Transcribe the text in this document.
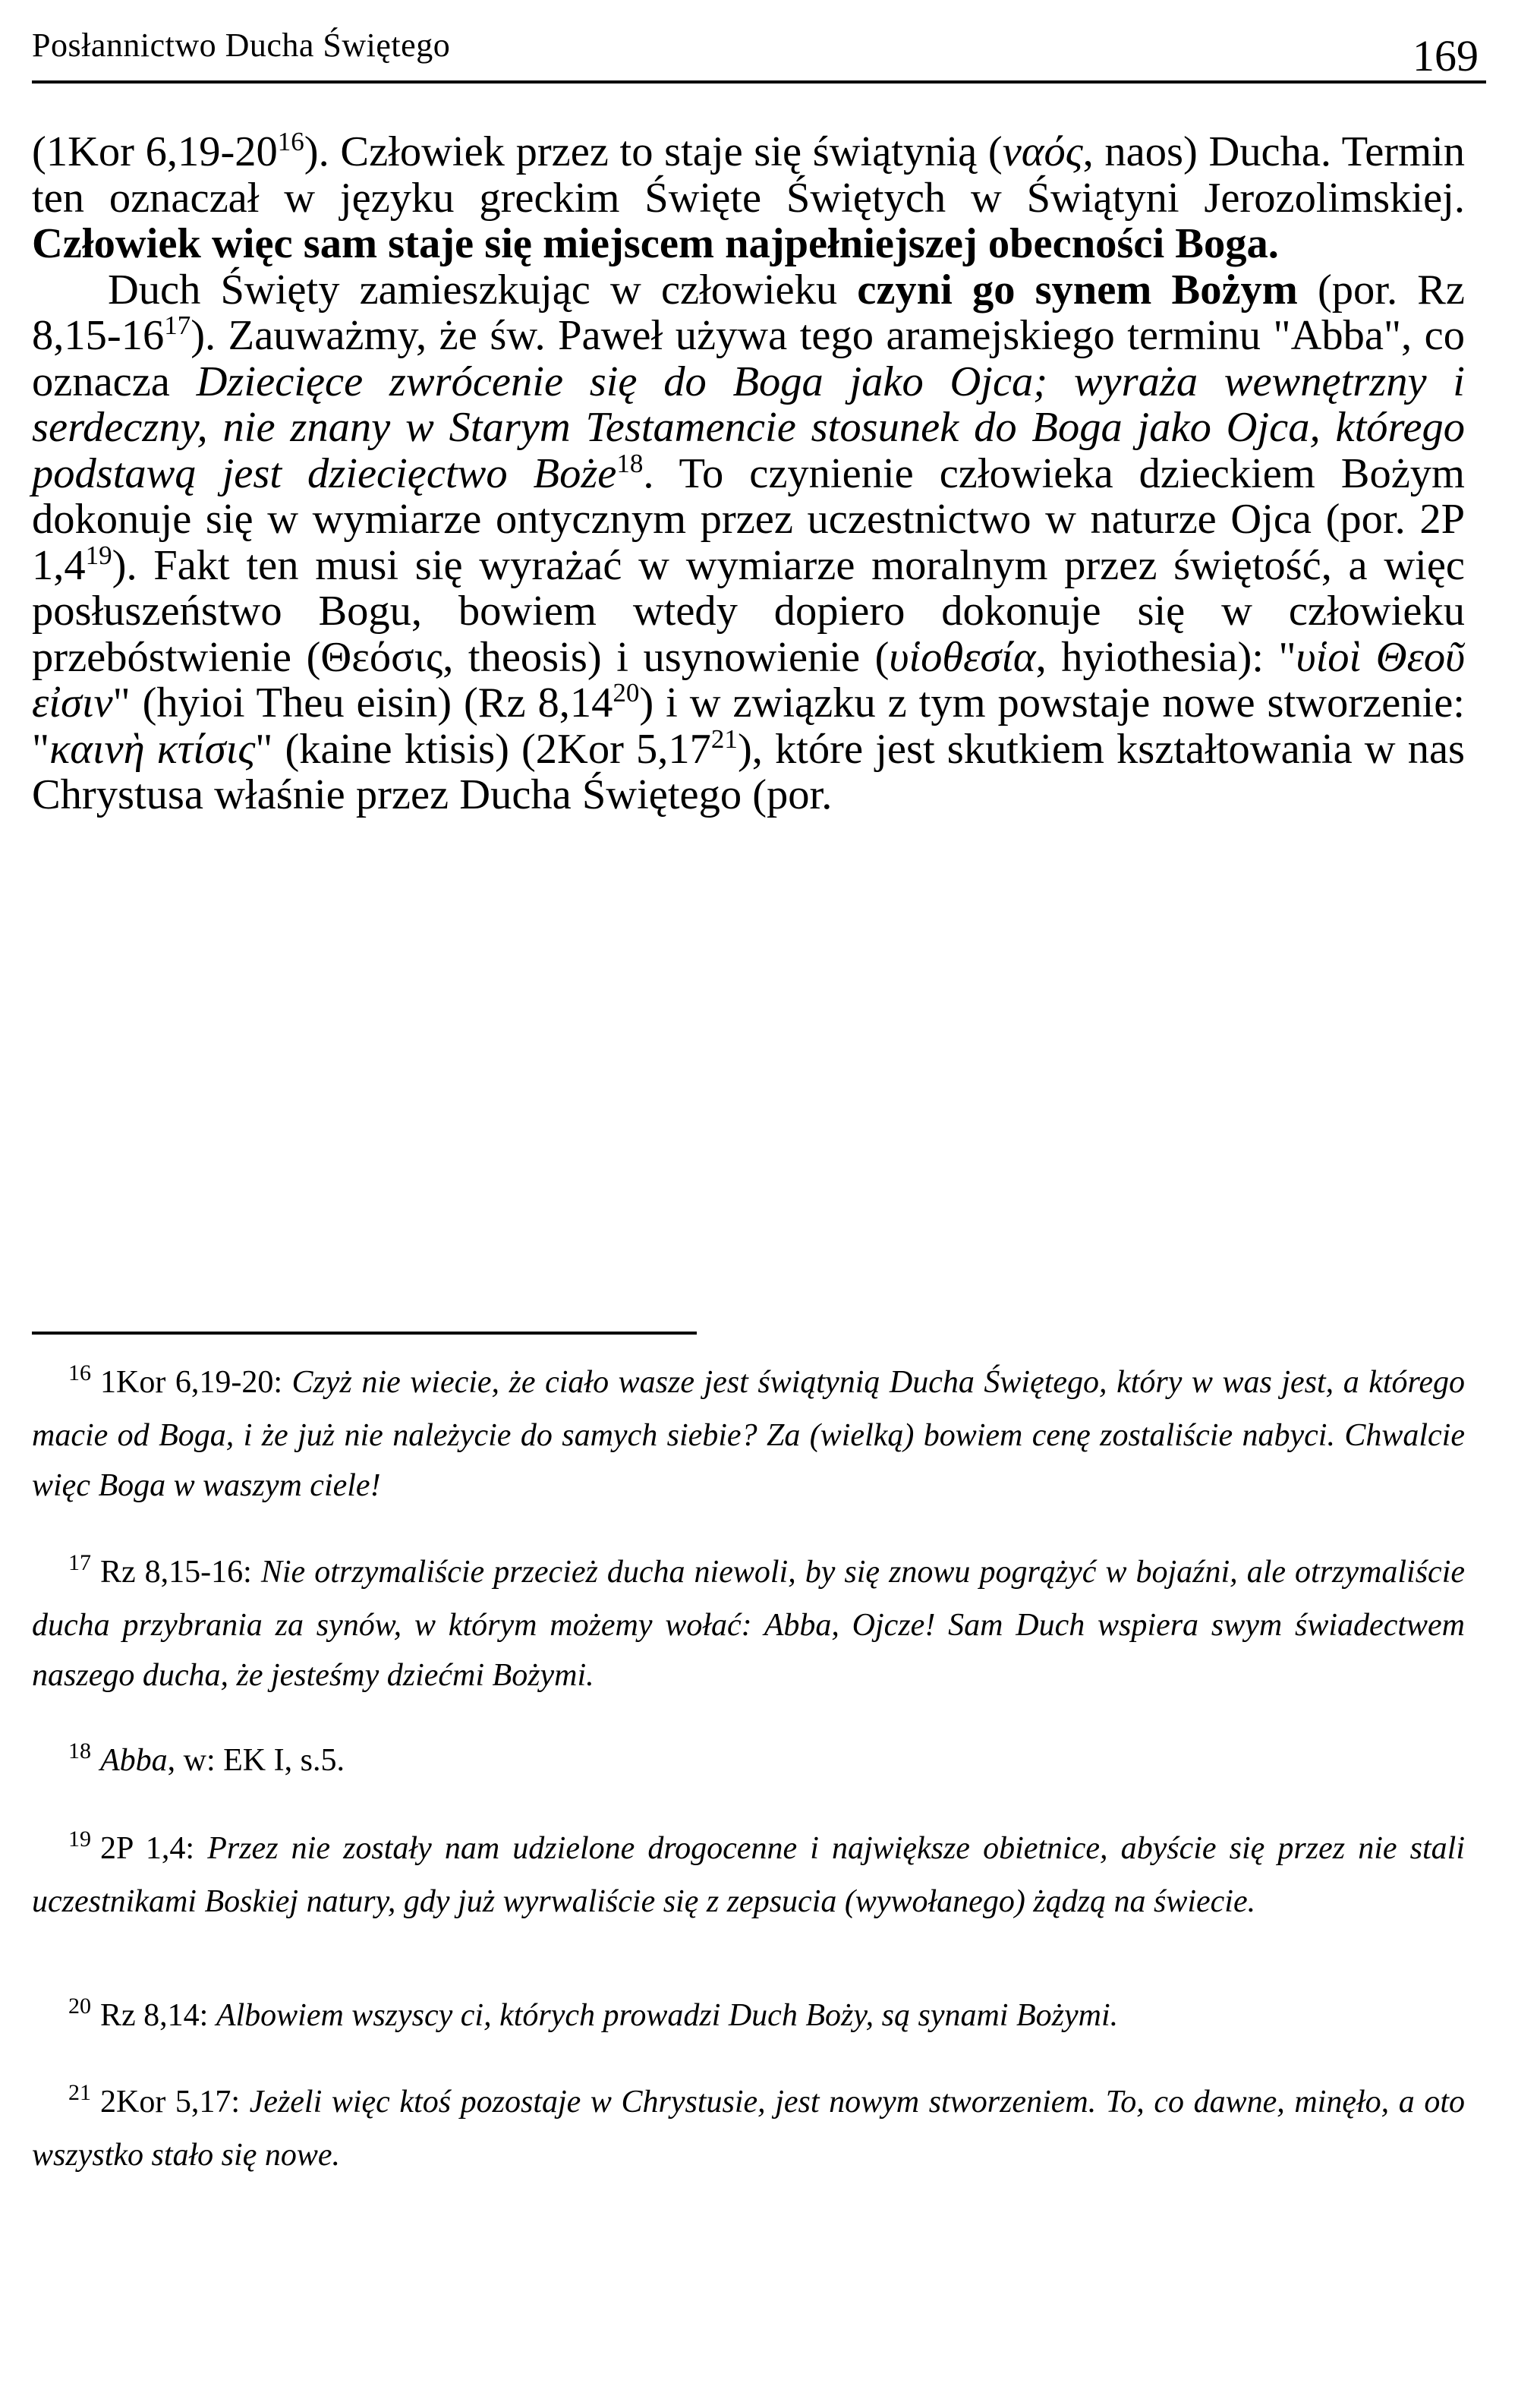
Posłannictwo Ducha Świętego	169

(1Kor $6,19-20^{16}$). Człowiek przez to staje się świątynią (ναός, naos) Ducha. Termin ten oznaczał w języku greckim Święte Świętych w Świątyni Jerozolimskiej. Człowiek więc sam staje się miejscem najpełniejszej obecności Boga.

Duch Święty zamieszkując w człowieku czyni go synem Bożym (por. Rz $8,15-16^{17}$). Zauważmy, że św. Paweł używa tego aramejskiego terminu "Abba", co oznacza Dziecięce zwrócenie się do Boga jako Ojca; wyraża wewnętrzny i serdeczny, nie znany w Starym Testamencie stosunek do Boga jako Ojca, którego podstawą jest dziecięctwo Boże$^{18}$. To czynienie człowieka dzieckiem Bożym dokonuje się w wymiarze ontycznym przez uczestnictwo w naturze Ojca (por. 2P $1,4^{19}$). Fakt ten musi się wyrażać w wymiarze moralnym przez świętość, a więc posłuszeństwo Bogu, bowiem wtedy dopiero dokonuje się w człowieku przebóstwienie (Θεόσις, theosis) i usynowienie (υἱοθεσία, hyiothesia): "υἱοὶ Θεοῦ εἰσιν" (hyioi Theu eisin) (Rz 8,14$^{20}$) i w związku z tym powstaje nowe stworzenie: "καινὴ κτίσις" (kaine ktisis) (2Kor 5,17$^{21}$), które jest skutkiem kształtowania w nas Chrystusa właśnie przez Ducha Świętego (por.

$^{16}$ 1Kor 6,19-20: Czyż nie wiecie, że ciało wasze jest świątynią Ducha Świętego, który w was jest, a którego macie od Boga, i że już nie należycie do samych siebie? Za (wielką) bowiem cenę zostaliście nabyci. Chwalcie więc Boga w waszym ciele!

$^{17}$ Rz 8,15-16: Nie otrzymaliście przecież ducha niewoli, by się znowu pogrążyć w bojaźni, ale otrzymaliście ducha przybrania za synów, w którym możemy wołać: Abba, Ojcze! Sam Duch wspiera swym świadectwem naszego ducha, że jesteśmy dziećmi Bożymi.

$^{18}$ Abba, w: EK I, s.5.

$^{19}$ 2P 1,4: Przez nie zostały nam udzielone drogocenne i największe obietnice, abyście się przez nie stali uczestnikami Boskiej natury, gdy już wyrwaliście się z zepsucia (wywołanego) żądzą na świecie.

$^{20}$ Rz 8,14: Albowiem wszyscy ci, których prowadzi Duch Boży, są synami Bożymi.

$^{21}$ 2Kor 5,17: Jeżeli więc ktoś pozostaje w Chrystusie, jest nowym stworzeniem. To, co dawne, minęło, a oto wszystko stało się nowe.
